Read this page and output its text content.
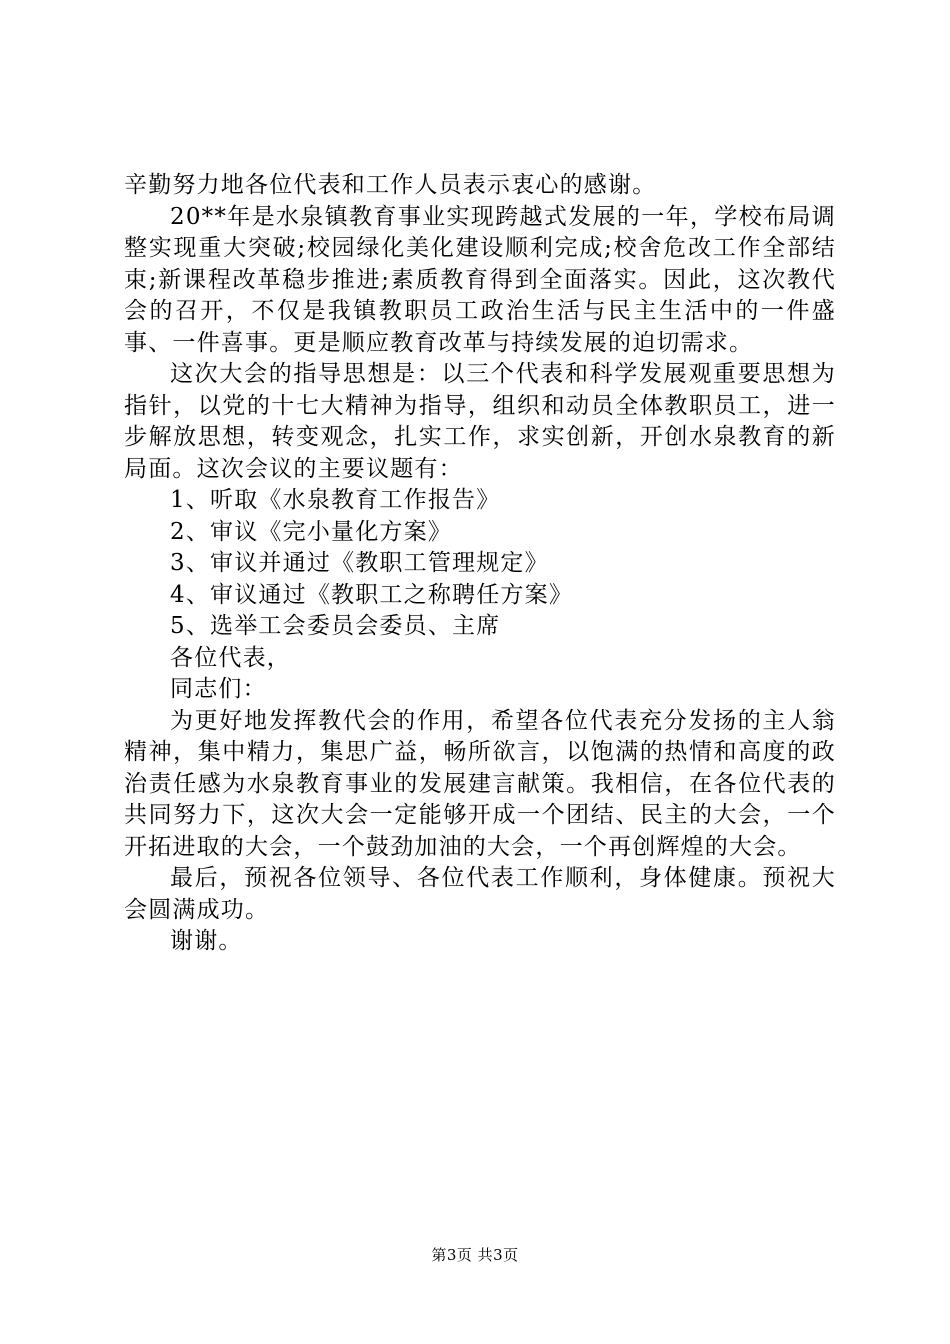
辛勤努力地各位代表和工作人员表示衷心的感谢。

20**年是水泉镇教育事业实现跨越式发展的一年，学校布局调整实现重大突破;校园绿化美化建设顺利完成;校舍危改工作全部结束;新课程改革稳步推进;素质教育得到全面落实。因此，这次教代会的召开，不仅是我镇教职员工政治生活与民主生活中的一件盛事、一件喜事。更是顺应教育改革与持续发展的迫切需求。

这次大会的指导思想是：以三个代表和科学发展观重要思想为指针，以党的十七大精神为指导，组织和动员全体教职员工，进一步解放思想，转变观念，扎实工作，求实创新，开创水泉教育的新局面。这次会议的主要议题有：

1、听取《水泉教育工作报告》

2、审议《完小量化方案》

3、审议并通过《教职工管理规定》

4、审议通过《教职工之称聘任方案》

5、选举工会委员会委员、主席

各位代表，

同志们：

为更好地发挥教代会的作用，希望各位代表充分发扬的主人翁精神，集中精力，集思广益，畅所欲言，以饱满的热情和高度的政治责任感为水泉教育事业的发展建言献策。我相信，在各位代表的共同努力下，这次大会一定能够开成一个团结、民主的大会，一个开拓进取的大会，一个鼓劲加油的大会，一个再创辉煌的大会。

最后，预祝各位领导、各位代表工作顺利，身体健康。预祝大会圆满成功。

谢谢。

第3页 共3页
